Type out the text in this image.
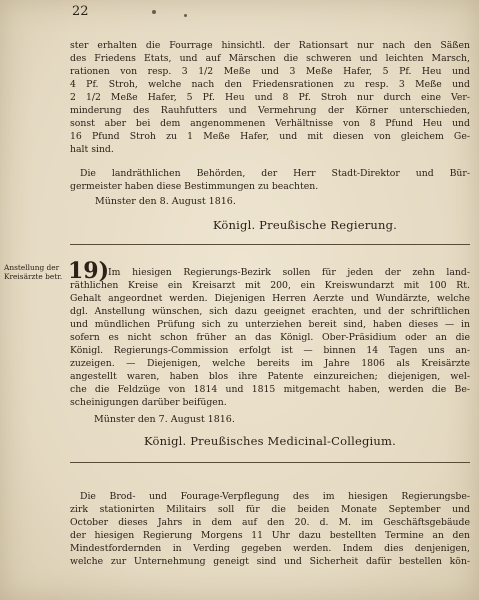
22

ster erhalten die Fourrage hinsichtl. der Rationsart nur nach den Säßen

des Friedens Etats, und auf Märschen die schweren und leichten Marsch,

rationen von resp. 3 1/2 Meße und 3 Meße Hafer, 5 Pf. Heu und

4 Pf. Stroh, welche nach den Friedensrationen zu resp. 3 Meße und

2 1/2 Meße Hafer, 5 Pf. Heu und 8 Pf. Stroh nur durch eine Ver-

minderung des Rauhfutters und Vermehrung der Körner unterschieden,

sonst aber bei dem angenommenen Verhältnisse von 8 Pfund Heu und

16 Pfund Stroh zu 1 Meße Hafer, und mit diesen von gleichem Ge-

halt sind.

Die landräthlichen Behörden, der Herr Stadt-Direktor und Bür-

germeister haben diese Bestimmungen zu beachten.

Münster den 8. August 1816.
Königl. Preußische Regierung.
Anstellung der
Kreisärzte betr. 19)

Im hiesigen Regierungs-Bezirk sollen für jeden der zehn land-

räthlichen Kreise ein Kreisarzt mit 200, ein Kreiswundarzt mit 100 Rt.

Gehalt angeordnet werden. Diejenigen Herren Aerzte und Wundärzte, welche

dgl. Anstellung wünschen, sich dazu geeignet erachten, und der schriftlichen

und mündlichen Prüfung sich zu unterziehen bereit sind, haben dieses — in

sofern es nicht schon früher an das Königl. Ober-Präsidium oder an die

Königl. Regierungs-Commission erfolgt ist — binnen 14 Tagen uns an-

zuzeigen. — Diejenigen, welche bereits im Jahre 1806 als Kreisärzte

angestellt waren, haben blos ihre Patente einzureichen; diejenigen, wel-

che die Feldzüge von 1814 und 1815 mitgemacht haben, werden die Be-

scheinigungen darüber beifügen.

Münster den 7. August 1816.
Königl. Preußisches Medicinal-Collegium.

Die Brod- und Fourage-Verpflegung des im hiesigen Regierungsbe-

zirk stationirten Militairs soll für die beiden Monate September und

October dieses Jahrs in dem auf den 20. d. M. im Geschäftsgebäude

der hiesigen Regierung Morgens 11 Uhr dazu bestellten Termine an den

Mindestfordernden in Verding gegeben werden. Indem dies denjenigen,

welche zur Unternehmung geneigt sind und Sicherheit dafür bestellen kön-
